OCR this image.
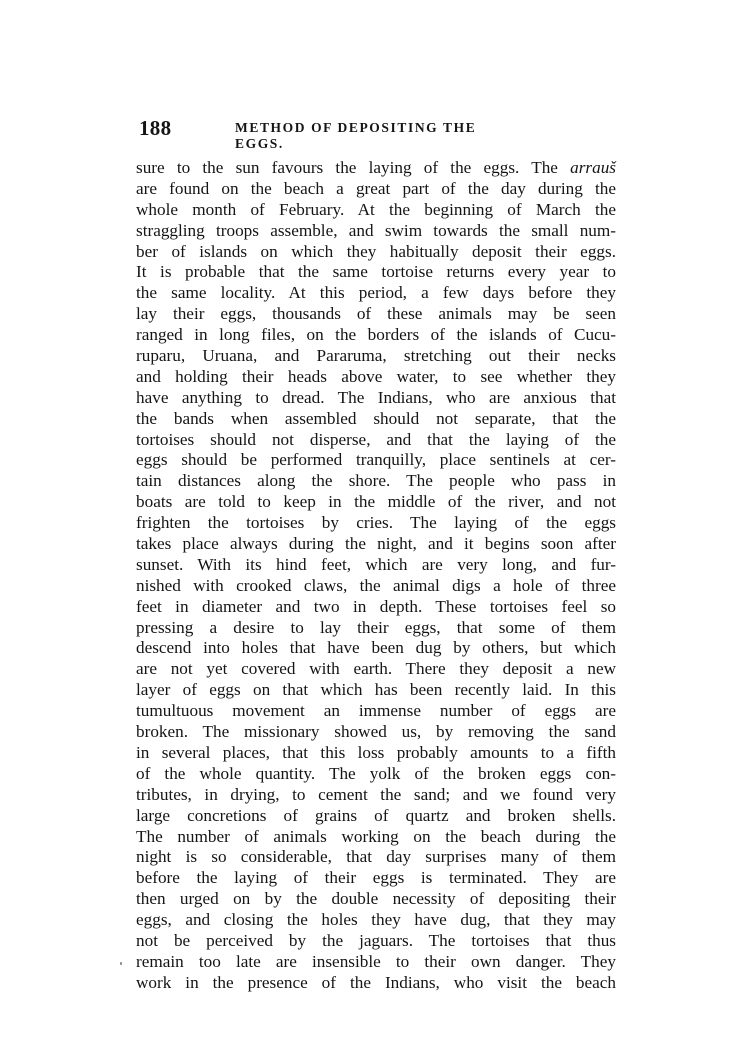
188	METHOD OF DEPOSITING THE EGGS.
sure to the sun favours the laying of the eggs. The arrauš
are found on the beach a great part of the day during the
whole month of February. At the beginning of March the
straggling troops assemble, and swim towards the small num-
ber of islands on which they habitually deposit their eggs.
It is probable that the same tortoise returns every year to
the same locality. At this period, a few days before they
lay their eggs, thousands of these animals may be seen
ranged in long files, on the borders of the islands of Cucu-
ruparu, Uruana, and Pararuma, stretching out their necks
and holding their heads above water, to see whether they
have anything to dread. The Indians, who are anxious that
the bands when assembled should not separate, that the
tortoises should not disperse, and that the laying of the
eggs should be performed tranquilly, place sentinels at cer-
tain distances along the shore. The people who pass in
boats are told to keep in the middle of the river, and not
frighten the tortoises by cries. The laying of the eggs
takes place always during the night, and it begins soon after
sunset. With its hind feet, which are very long, and fur-
nished with crooked claws, the animal digs a hole of three
feet in diameter and two in depth. These tortoises feel so
pressing a desire to lay their eggs, that some of them
descend into holes that have been dug by others, but which
are not yet covered with earth. There they deposit a new
layer of eggs on that which has been recently laid. In this
tumultuous movement an immense number of eggs are
broken. The missionary showed us, by removing the sand
in several places, that this loss probably amounts to a fifth
of the whole quantity. The yolk of the broken eggs con-
tributes, in drying, to cement the sand; and we found very
large concretions of grains of quartz and broken shells.
The number of animals working on the beach during the
night is so considerable, that day surprises many of them
before the laying of their eggs is terminated. They are
then urged on by the double necessity of depositing their
eggs, and closing the holes they have dug, that they may
not be perceived by the jaguars. The tortoises that thus
remain too late are insensible to their own danger. They
work in the presence of the Indians, who visit the beach
